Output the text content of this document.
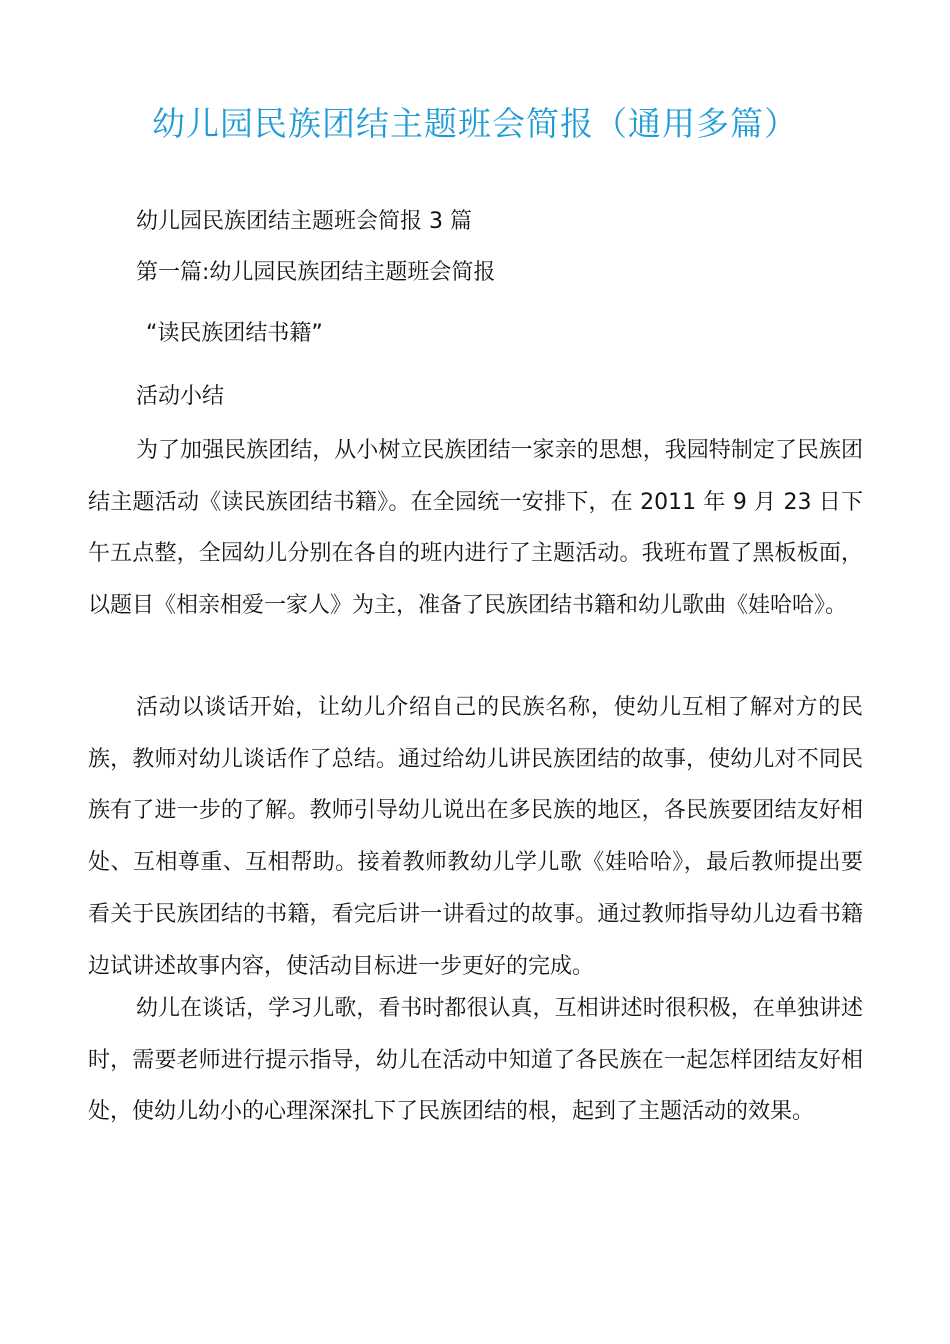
幼儿园民族团结主题班会简报（通用多篇）
幼儿园民族团结主题班会简报 3 篇
第一篇:幼儿园民族团结主题班会简报
“读民族团结书籍”
活动小结

为了加强民族团结，从小树立民族团结一家亲的思想，我园特制定了民族团结主题活动《读民族团结书籍》。在全园统一安排下，在 2011 年 9 月 23 日下午五点整，全园幼儿分别在各自的班内进行了主题活动。我班布置了黑板板面，以题目《相亲相爱一家人》为主，准备了民族团结书籍和幼儿歌曲《娃哈哈》。

活动以谈话开始，让幼儿介绍自己的民族名称，使幼儿互相了解对方的民族，教师对幼儿谈话作了总结。通过给幼儿讲民族团结的故事，使幼儿对不同民族有了进一步的了解。教师引导幼儿说出在多民族的地区，各民族要团结友好相处、互相尊重、互相帮助。接着教师教幼儿学儿歌《娃哈哈》，最后教师提出要看关于民族团结的书籍，看完后讲一讲看过的故事。通过教师指导幼儿边看书籍边试讲述故事内容，使活动目标进一步更好的完成。

幼儿在谈话，学习儿歌，看书时都很认真，互相讲述时很积极，在单独讲述时，需要老师进行提示指导，幼儿在活动中知道了各民族在一起怎样团结友好相处，使幼儿幼小的心理深深扎下了民族团结的根，起到了主题活动的效果。
